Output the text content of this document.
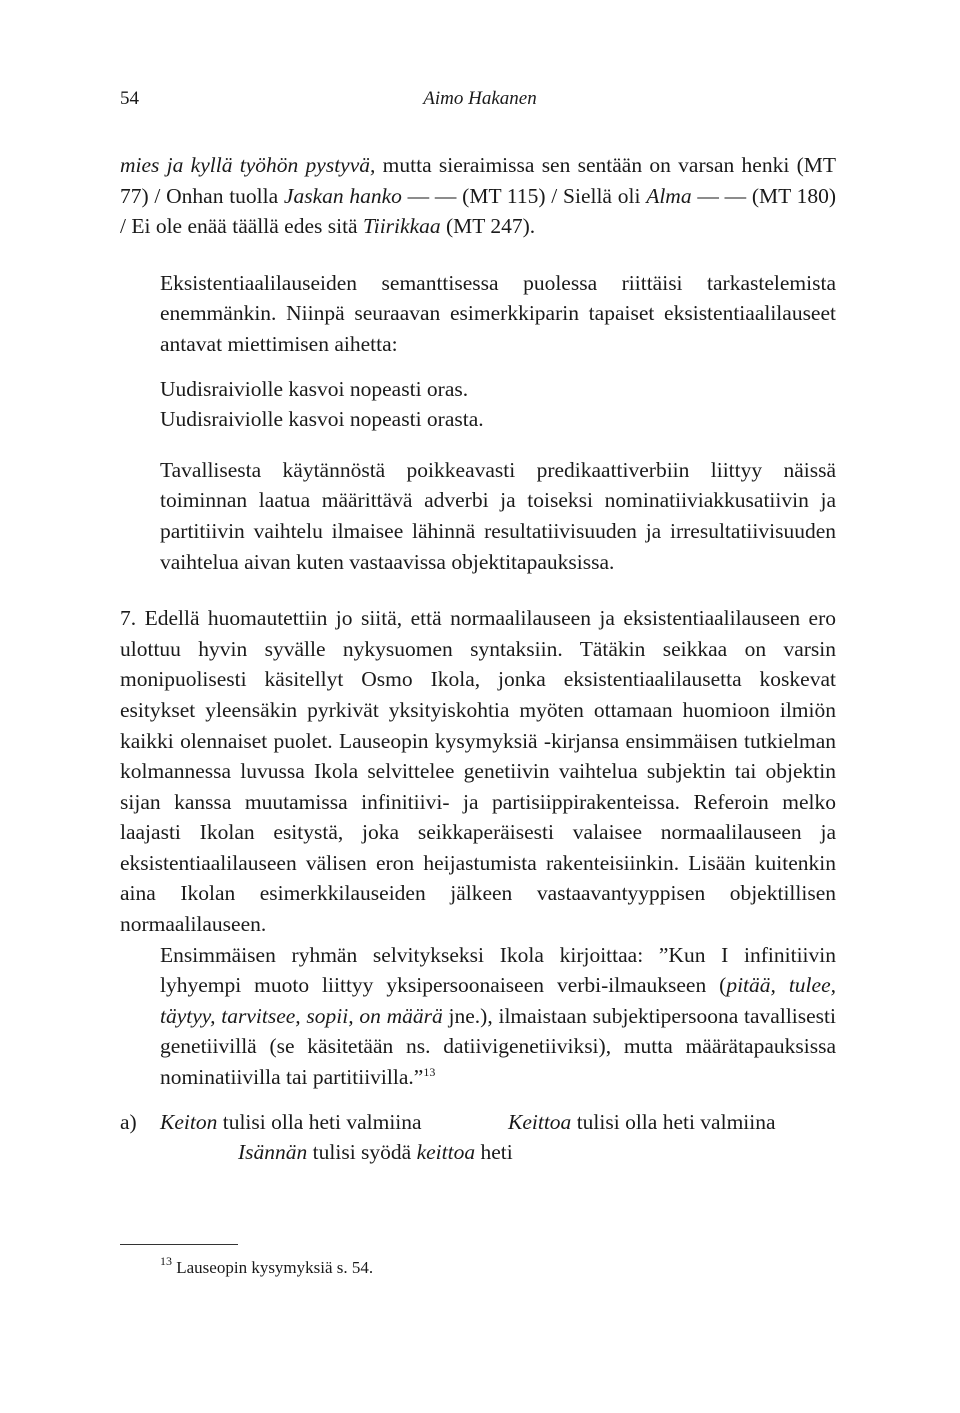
54	Aimo Hakanen

mies ja kyllä työhön pystyvä, mutta sieraimissa sen sentään on varsan henki (MT 77) / Onhan tuolla Jaskan hanko — — (MT 115) / Siellä oli Alma — — (MT 180) / Ei ole enää täällä edes sitä Tiirikkaa (MT 247).

Eksistentiaalilauseiden semanttisessa puolessa riittäisi tarkastelemista enemmänkin. Niinpä seuraavan esimerkkiparin tapaiset eksistentiaalilauseet antavat miettimisen aihetta:

Uudisraiviolle kasvoi nopeasti oras.

Uudisraiviolle kasvoi nopeasti orasta.

Tavallisesta käytännöstä poikkeavasti predikaattiverbiin liittyy näissä toiminnan laatua määrittävä adverbi ja toiseksi nominatiiviakkusatiivin ja partitiivin vaihtelu ilmaisee lähinnä resultatiivisuuden ja irresultatiivisuuden vaihtelua aivan kuten vastaavissa objektitapauksissa.

7. Edellä huomautettiin jo siitä, että normaalilauseen ja eksistentiaalilauseen ero ulottuu hyvin syvälle nykysuomen syntaksiin. Tätäkin seikkaa on varsin monipuolisesti käsitellyt Osmo Ikola, jonka eksistentiaalilausetta koskevat esitykset yleensäkin pyrkivät yksityiskohtia myöten ottamaan huomioon ilmiön kaikki olennaiset puolet. Lauseopin kysymyksiä -kirjansa ensimmäisen tutkielman kolmannessa luvussa Ikola selvittelee genetiivin vaihtelua subjektin tai objektin sijan kanssa muutamissa infinitiivi- ja partisiippirakenteissa. Referoin melko laajasti Ikolan esitystä, joka seikkaperäisesti valaisee normaalilauseen ja eksistentiaalilauseen välisen eron heijastumista rakenteisiinkin. Lisään kuitenkin aina Ikolan esimerkkilauseiden jälkeen vastaavantyyppisen objektillisen normaalilauseen.

Ensimmäisen ryhmän selvitykseksi Ikola kirjoittaa: ”Kun I infinitiivin lyhyempi muoto liittyy yksipersoonaiseen verbi-ilmaukseen (pitää, tulee, täytyy, tarvitsee, sopii, on määrä jne.), ilmaistaan subjektipersoona tavallisesti genetiivillä (se käsitetään ns. datiivigenetiiviksi), mutta määrätapauksissa nominatiivilla tai partitiivilla.”$^{13}$

a) Keiton tulisi olla heti valmiina	Keittoa tulisi olla heti valmiina
Isännän tulisi syödä keittoa heti
$^{13}$ Lauseopin kysymyksiä s. 54.
